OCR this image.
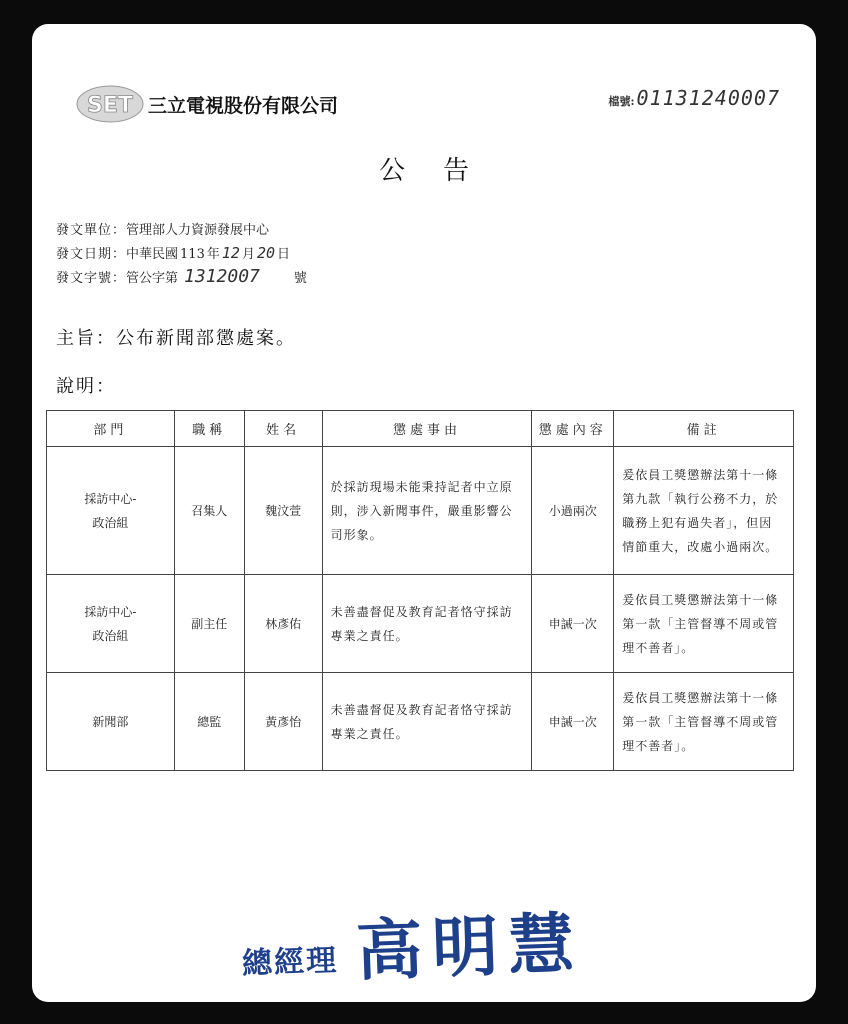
SET 三立電視股份有限公司	檔號: 01131240007
公告
發文單位： 管理部人力資源發展中心
發文日期： 中華民國 113 年 12 月 20 日
發文字號： 管公字第 1312007	號
主旨：公布新聞部懲處案。
說明：
部門	職稱	姓名	懲處事由	懲處內容	備註

採訪中心-
政治組	召集人	魏汶萱	於採訪現場未能秉持記者中立原則，涉入新聞事件，嚴重影響公司形象。	小過兩次	爰依員工獎懲辦法第十一條第九款「執行公務不力，於職務上犯有過失者」，但因情節重大，改處小過兩次。

採訪中心-
政治組	副主任	林彥佑	未善盡督促及教育記者恪守採訪專業之責任。	申誡一次	爰依員工獎懲辦法第十一條第一款「主管督導不周或管理不善者」。

新聞部	總監	黃彥怡	未善盡督促及教育記者恪守採訪專業之責任。	申誡一次	爰依員工獎懲辦法第十一條第一款「主管督導不周或管理不善者」。
總經理 高明慧
